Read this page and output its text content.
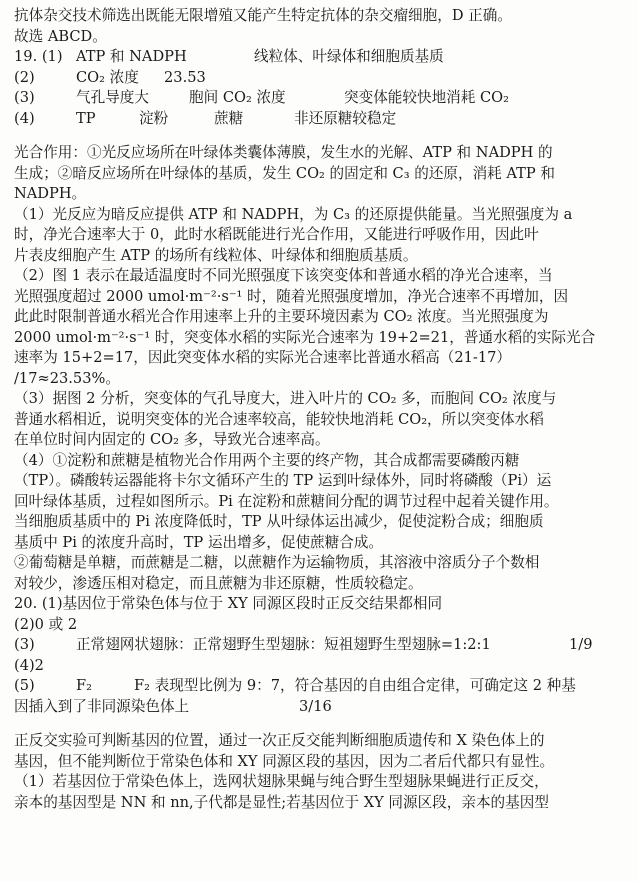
抗体杂交技术筛选出既能无限增殖又能产生特定抗体的杂交瘤细胞，D 正确。
故选 ABCD。
19. (1) ATP 和 NADPH	线粒体、叶绿体和细胞质基质
(2)	CO₂ 浓度 23.53
(3)	气孔导度大	胞间 CO₂ 浓度	突变体能较快地消耗 CO₂
(4)	TP	淀粉	蔗糖	非还原糖较稳定
光合作用：①光反应场所在叶绿体类囊体薄膜，发生水的光解、ATP 和 NADPH 的
生成；②暗反应场所在叶绿体的基质，发生 CO₂ 的固定和 C₃ 的还原，消耗 ATP 和
NADPH。
（1）光反应为暗反应提供 ATP 和 NADPH，为 C₃ 的还原提供能量。当光照强度为 a
时，净光合速率大于 0，此时水稻既能进行光合作用，又能进行呼吸作用，因此叶
片表皮细胞产生 ATP 的场所有线粒体、叶绿体和细胞质基质。
（2）图 1 表示在最适温度时不同光照强度下该突变体和普通水稻的净光合速率，当
光照强度超过 2000 umol·m⁻²·s⁻¹ 时，随着光照强度增加，净光合速率不再增加，因
此此时限制普通水稻光合作用速率上升的主要环境因素为 CO₂ 浓度。当光照强度为
2000 umol·m⁻²·s⁻¹ 时，突变体水稻的实际光合速率为 19+2=21，普通水稻的实际光合
速率为 15+2=17，因此突变体水稻的实际光合速率比普通水稻高（21-17）
/17≈23.53%。
（3）据图 2 分析，突变体的气孔导度大，进入叶片的 CO₂ 多，而胞间 CO₂ 浓度与
普通水稻相近，说明突变体的光合速率较高，能较快地消耗 CO₂，所以突变体水稻
在单位时间内固定的 CO₂ 多，导致光合速率高。
（4）①淀粉和蔗糖是植物光合作用两个主要的终产物，其合成都需要磷酸丙糖
（TP）。磷酸转运器能将卡尔文循环产生的 TP 运到叶绿体外，同时将磷酸（Pi）运
回叶绿体基质，过程如图所示。Pi 在淀粉和蔗糖间分配的调节过程中起着关键作用。
当细胞质基质中的 Pi 浓度降低时，TP 从叶绿体运出减少，促使淀粉合成；细胞质
基质中 Pi 的浓度升高时，TP 运出增多，促使蔗糖合成。
②葡萄糖是单糖，而蔗糖是二糖，以蔗糖作为运输物质，其溶液中溶质分子个数相
对较少，渗透压相对稳定，而且蔗糖为非还原糖，性质较稳定。
20. (1)基因位于常染色体与位于 XY 同源区段时正反交结果都相同
(2)0 或 2
(3)	正常翅网状翅脉：正常翅野生型翅脉：短祖翅野生型翅脉=1:2:1	1/9
(4)2
(5)	F₂	F₂ 表现型比例为 9：7，符合基因的自由组合定律，可确定这 2 种基
因插入到了非同源染色体上	3/16
正反交实验可判断基因的位置，通过一次正反交能判断细胞质遗传和 X 染色体上的
基因，但不能判断位于常染色体和 XY 同源区段的基因，因为二者后代都只有显性。
（1）若基因位于常染色体上，选网状翅脉果蝇与纯合野生型翅脉果蝇进行正反交，
亲本的基因型是 NN 和 nn,子代都是显性;若基因位于 XY 同源区段，亲本的基因型
